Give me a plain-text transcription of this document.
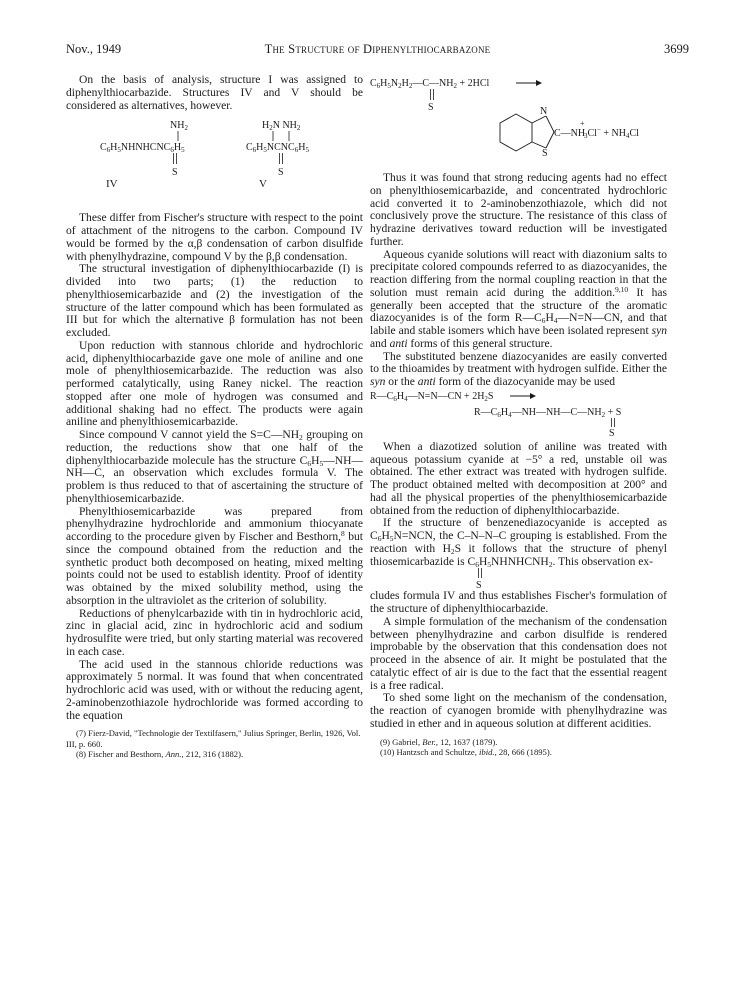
Nov., 1949	The Structure of Diphenylthiocarbazone	3699

On the basis of analysis, structure I was assigned to diphenylthiocarbazide. Structures IV and V should be considered as alternatives, however.

$NH_2$
$C_6H_5NHNHCNC_6H_5$
S
$H_2N$ $NH_2$
$C_6H_5NCNC_6H_5$
S
IV	V

These differ from Fischer's structure with respect to the point of attachment of the nitrogens to the carbon. Compound IV would be formed by the α,β condensation of carbon disulfide with phenylhydrazine, compound V by the β,β condensation.

The structural investigation of diphenylthiocarbazide (I) is divided into two parts; (1) the reduction to phenylthiosemicarbazide and (2) the investigation of the structure of the latter compound which has been formulated as III but for which the alternative β formulation has not been excluded.

Upon reduction with stannous chloride and hydrochloric acid, diphenylthiocarbazide gave one mole of aniline and one mole of phenylthiosemicarbazide. The reduction was also performed catalytically, using Raney nickel. The reaction stopped after one mole of hydrogen was consumed and additional shaking had no effect. The products were again aniline and phenylthiosemicarbazide.

Since compound V cannot yield the $S=C—NH_2$ grouping on reduction, the reductions show that one half of the diphenylthiocarbazide molecule has the structure $C_6H_5—NH—NH—C$, an observation which excludes formula V. The problem is thus reduced to that of ascertaining the structure of phenylthiosemicarbazide.

Phenylthiosemicarbazide was prepared from phenylhydrazine hydrochloride and ammonium thiocyanate according to the procedure given by Fischer and Besthorn,$^8$ but since the compound obtained from the reduction and the synthetic product both decomposed on heating, mixed melting points could not be used to establish identity. Proof of identity was obtained by the mixed solubility method, using the absorption in the ultraviolet as the criterion of solubility.

Reductions of phenylcarbazide with tin in hydrochloric acid, zinc in glacial acid, zinc in hydrochloric acid and sodium hydrosulfite were tried, but only starting material was recovered in each case.

The acid used in the stannous chloride reductions was approximately 5 normal. It was found that when concentrated hydrochloric acid was used, with or without the reducing agent, 2-aminobenzothiazole hydrochloride was formed according to the equation

(7) Fierz-David, "Technologie der Textilfasern," Julius Springer, Berlin, 1926, Vol. III, p. 660.
(8) Fischer and Besthorn, Ann., 212, 316 (1882).
$C_6H_5N_2H_2—C—NH_2 + 2HCl$
S	N
S
C—NH
+
$_3Cl^- + NH_4Cl$

Thus it was found that strong reducing agents had no effect on phenylthiosemicarbazide, and concentrated hydrochloric acid converted it to 2-aminobenzothiazole, which did not conclusively prove the structure. The resistance of this class of hydrazine derivatives toward reduction will be investigated further.

Aqueous cyanide solutions will react with diazonium salts to precipitate colored compounds referred to as diazocyanides, the reaction differing from the normal coupling reaction in that the solution must remain acid during the addition.$^{9,10}$ It has generally been accepted that the structure of the aromatic diazocyanides is of the form $R—C_6H_4—N=N—CN$, and that labile and stable isomers which have been isolated represent syn and anti forms of this general structure.

The substituted benzene diazocyanides are easily converted to the thioamides by treatment with hydrogen sulfide. Either the syn or the anti form of the diazocyanide may be used

$R—C_6H_4—N=N—CN + 2H_2S$
$R—C_6H_4—NH—NH—C—NH_2 + S$
S

When a diazotized solution of aniline was treated with aqueous potassium cyanide at −5° a red, unstable oil was obtained. The ether extract was treated with hydrogen sulfide. The product obtained melted with decomposition at 200° and had all the physical properties of the phenylthiosemicarbazide obtained from the reduction of diphenylthiocarbazide.

If the structure of benzenediazocyanide is accepted as $C_6H_5N=NCN$, the C–N–N–C grouping is established. From the reaction with $H_2S$ it follows that the structure of phenyl thiosemicarbazide is $C_6H_5NHNHCNH_2$. This observation ex-

S

cludes formula IV and thus establishes Fischer's formulation of the structure of diphenylthiocarbazide.

A simple formulation of the mechanism of the condensation between phenylhydrazine and carbon disulfide is rendered improbable by the observation that this condensation does not proceed in the absence of air. It might be postulated that the catalytic effect of air is due to the fact that the essential reagent is a free radical.

To shed some light on the mechanism of the condensation, the reaction of cyanogen bromide with phenylhydrazine was studied in ether and in aqueous solution at different acidities.

(9) Gabriel, Ber., 12, 1637 (1879).
(10) Hantzsch and Schultze, ibid., 28, 666 (1895).
